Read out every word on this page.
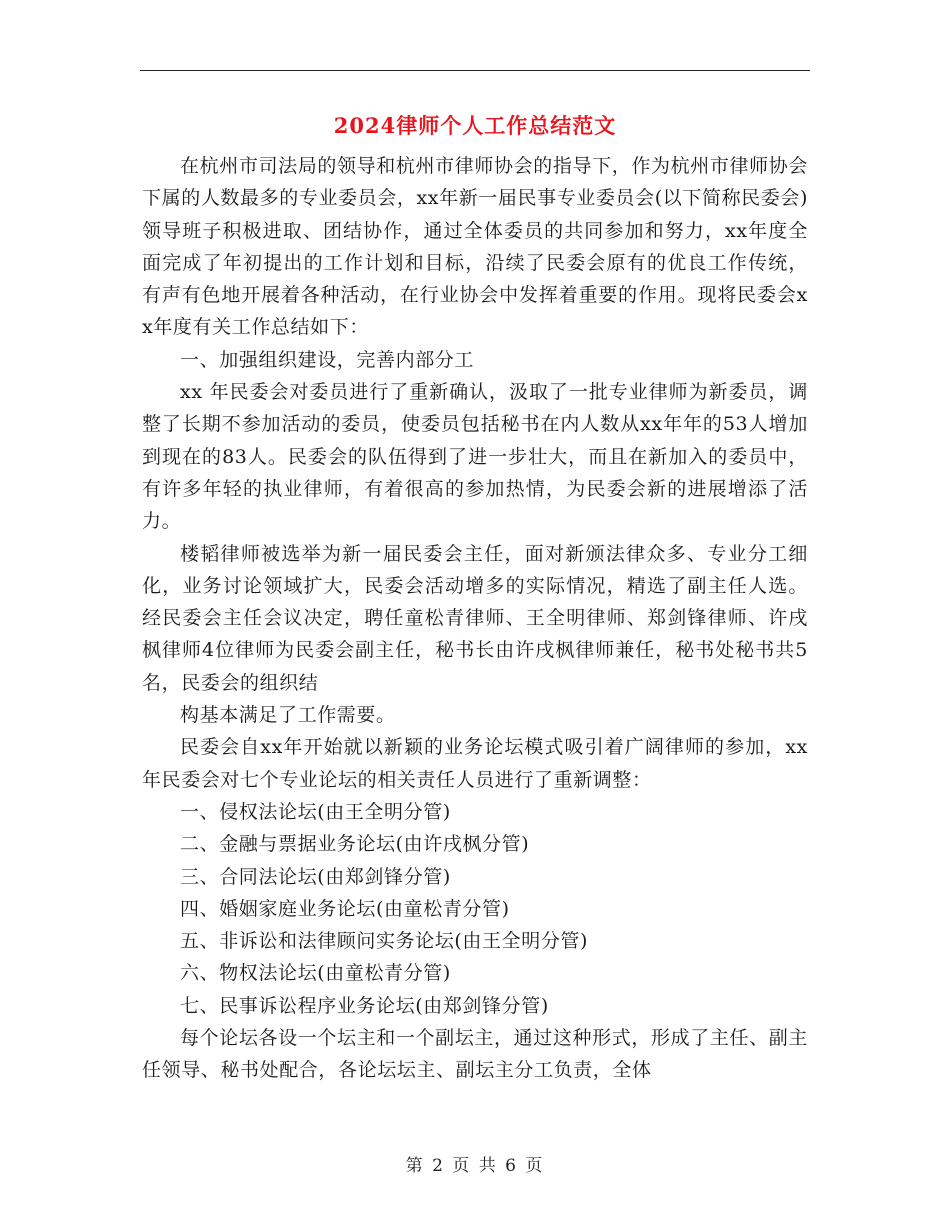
2024律师个人工作总结范文

在杭州市司法局的领导和杭州市律师协会的指导下，作为杭州市律师协会下属的人数最多的专业委员会，xx年新一届民事专业委员会(以下简称民委会)领导班子积极进取、团结协作，通过全体委员的共同参加和努力，xx年度全面完成了年初提出的工作计划和目标，沿续了民委会原有的优良工作传统，有声有色地开展着各种活动，在行业协会中发挥着重要的作用。现将民委会xx年度有关工作总结如下：

一、加强组织建设，完善内部分工

xx 年民委会对委员进行了重新确认，汲取了一批专业律师为新委员，调整了长期不参加活动的委员，使委员包括秘书在内人数从xx年年的53人增加到现在的83人。民委会的队伍得到了进一步壮大，而且在新加入的委员中，有许多年轻的执业律师，有着很高的参加热情，为民委会新的进展增添了活力。

楼韬律师被选举为新一届民委会主任，面对新颁法律众多、专业分工细化，业务讨论领域扩大，民委会活动增多的实际情况，精选了副主任人选。经民委会主任会议决定，聘任童松青律师、王全明律师、郑剑锋律师、许戌枫律师4位律师为民委会副主任，秘书长由许戌枫律师兼任，秘书处秘书共5名，民委会的组织结

构基本满足了工作需要。

民委会自xx年开始就以新颖的业务论坛模式吸引着广阔律师的参加，xx年民委会对七个专业论坛的相关责任人员进行了重新调整：

一、侵权法论坛(由王全明分管)

二、金融与票据业务论坛(由许戌枫分管)

三、合同法论坛(由郑剑锋分管)

四、婚姻家庭业务论坛(由童松青分管)

五、非诉讼和法律顾问实务论坛(由王全明分管)

六、物权法论坛(由童松青分管)

七、民事诉讼程序业务论坛(由郑剑锋分管)

每个论坛各设一个坛主和一个副坛主，通过这种形式，形成了主任、副主任领导、秘书处配合，各论坛坛主、副坛主分工负责，全体

第 2 页 共 6 页
